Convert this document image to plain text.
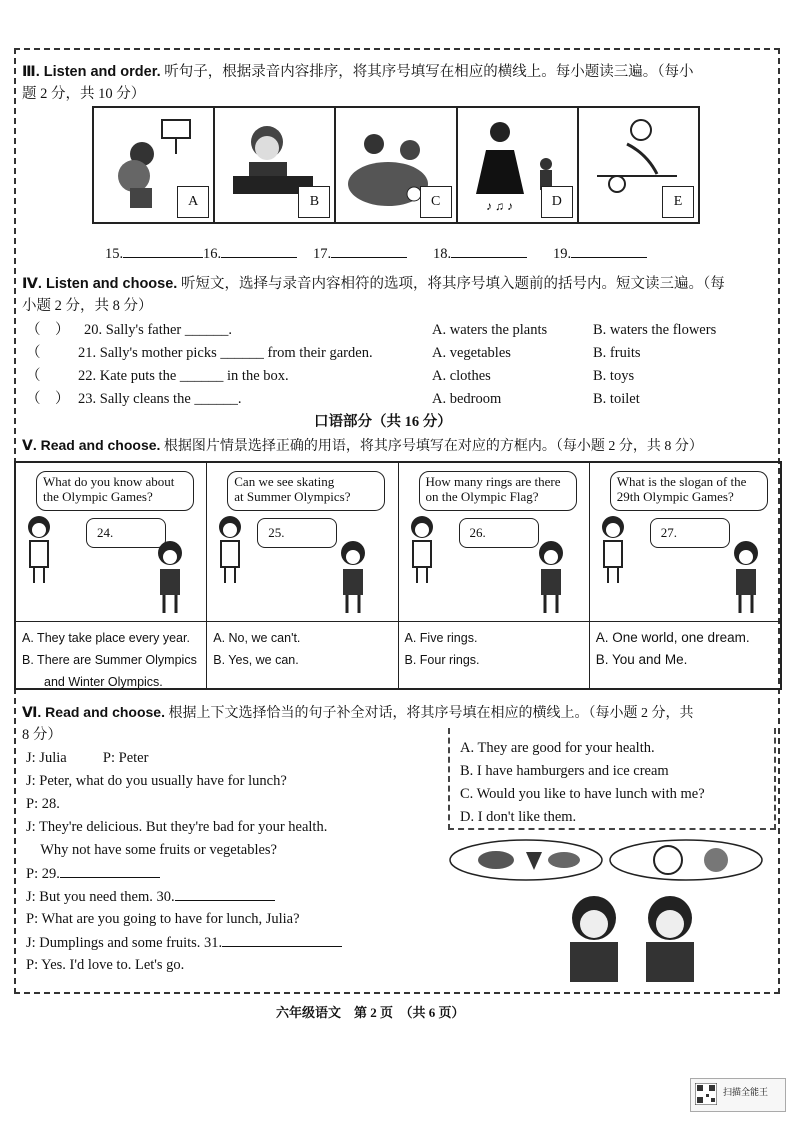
Ⅲ. Listen and order. 听句子，根据录音内容排序，将其序号填写在相应的横线上。每小题读三遍。（每小
题 2 分，共 10 分）
A	B	C	♪ ♫ ♪	D	E
15.	16.	17.	18.	19.
Ⅳ. Listen and choose. 听短文，选择与录音内容相符的选项，将其序号填入题前的括号内。短文读三遍。（每
小题 2 分，共 8 分）
（　） 20. Sally's father ______.	A. waters the plants	B. waters the flowers
（	21. Sally's mother picks ______ from their garden.	A. vegetables	B. fruits
（	22. Kate puts the ______ in the box.	A. clothes	B. toys
（　） 23. Sally cleans the ______.	A. bedroom	B. toilet
口语部分（共 16 分）
Ⅴ. Read and choose. 根据图片情景选择正确的用语，将其序号填写在对应的方框内。（每小题 2 分，共 8 分）
What do you know about
the Olympic Games?
24.
A. They take place every year.
B. There are Summer Olympics
and Winter Olympics.
Can we see skating
at Summer Olympics?
25.
A. No, we can't.
B. Yes, we can.
How many rings are there
on the Olympic Flag?
26.
A. Five rings.
B. Four rings.
What is the slogan of the
29th Olympic Games?
27.
A. One world, one dream.
B. You and Me.
Ⅵ. Read and choose. 根据上下文选择恰当的句子补全对话，将其序号填在相应的横线上。（每小题 2 分，共
8 分）
A. They are good for your health.
B. I have hamburgers and ice cream
C. Would you like to have lunch with me?
D. I don't like them.
J: Julia          P: Peter
J: Peter, what do you usually have for lunch?
P: 28.
J: They're delicious. But they're bad for your health.
Why not have some fruits or vegetables?
P: 29.
J: But you need them. 30.
P: What are you going to have for lunch, Julia?
J: Dumplings and some fruits. 31.
P: Yes. I'd love to. Let's go.
六年级语文　第 2 页　（共 6 页）
扫描全能王
